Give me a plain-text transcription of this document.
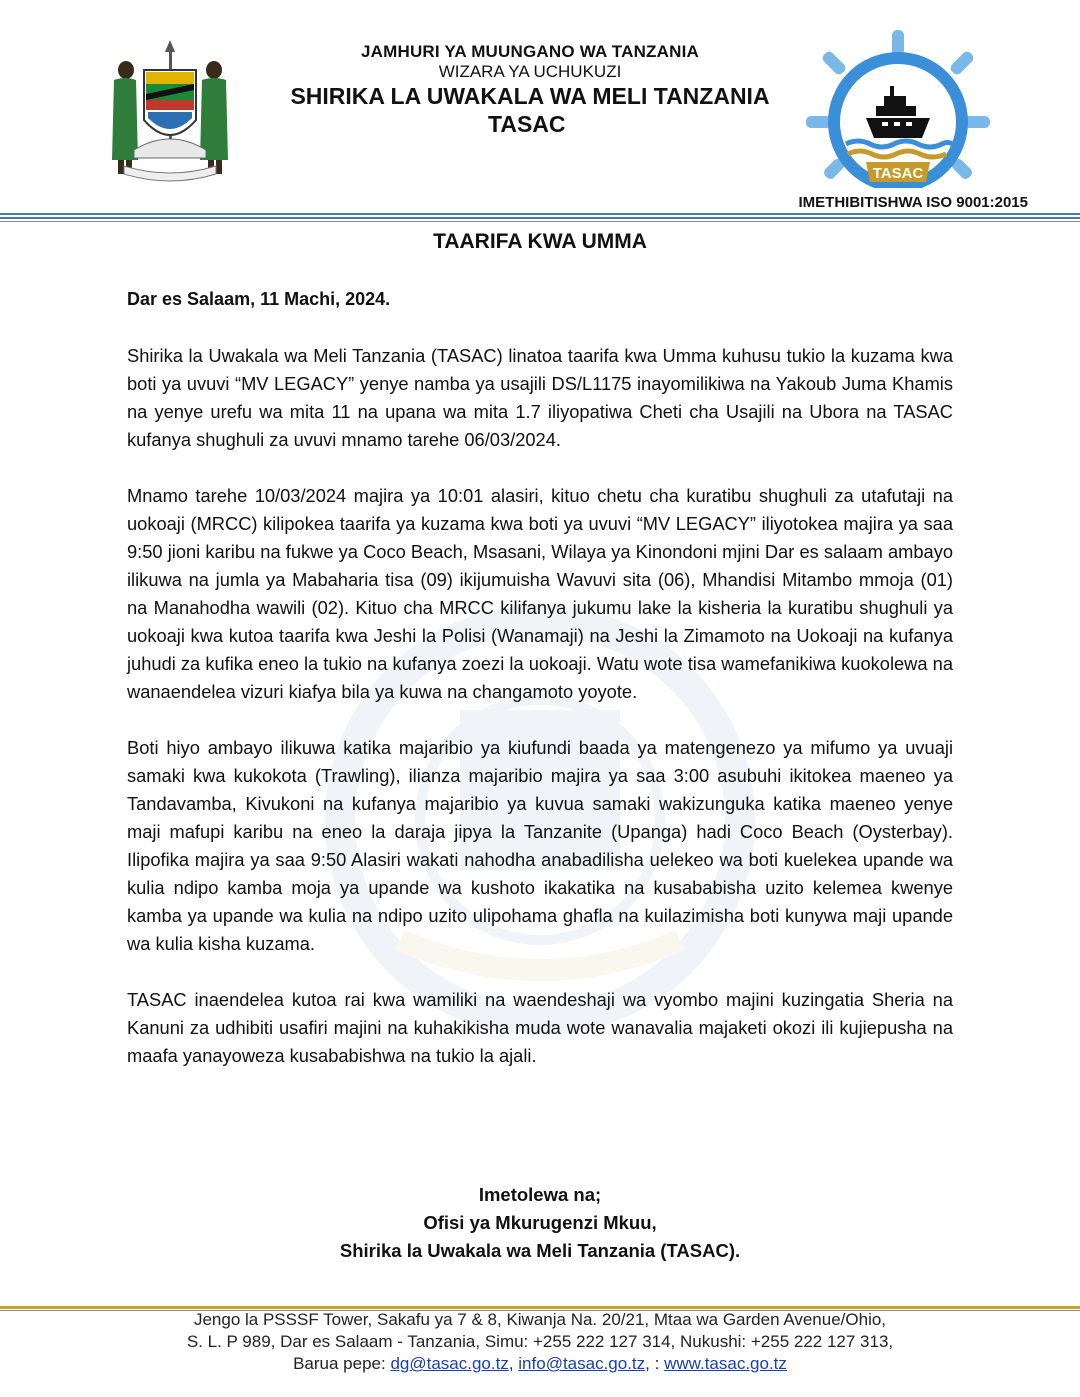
JAMHURI YA MUUNGANO WA TANZANIA
WIZARA YA UCHUKUZI
SHIRIKA LA UWAKALA WA MELI TANZANIA
TASAC
TASAC
IMETHIBITISHWA ISO 9001:2015
TAARIFA KWA UMMA
Dar es Salaam, 11 Machi, 2024.

Shirika la Uwakala wa Meli Tanzania (TASAC) linatoa taarifa kwa Umma kuhusu tukio la kuzama kwa boti ya uvuvi “MV LEGACY” yenye namba ya usajili DS/L1175 inayomilikiwa na Yakoub Juma Khamis na yenye urefu wa mita 11 na upana wa mita 1.7 iliyopatiwa Cheti cha Usajili na Ubora na TASAC kufanya shughuli za uvuvi mnamo tarehe 06/03/2024.

Mnamo tarehe 10/03/2024 majira ya 10:01 alasiri, kituo chetu cha kuratibu shughuli za utafutaji na uokoaji (MRCC) kilipokea taarifa ya kuzama kwa boti ya uvuvi “MV LEGACY” iliyotokea majira ya saa 9:50 jioni karibu na fukwe ya Coco Beach, Msasani, Wilaya ya Kinondoni mjini Dar es salaam ambayo ilikuwa na jumla ya Mabaharia tisa (09) ikijumuisha Wavuvi sita (06), Mhandisi Mitambo mmoja (01) na Manahodha wawili (02). Kituo cha MRCC kilifanya jukumu lake la kisheria la kuratibu shughuli ya uokoaji kwa kutoa taarifa kwa Jeshi la Polisi (Wanamaji) na Jeshi la Zimamoto na Uokoaji na kufanya juhudi za kufika eneo la tukio na kufanya zoezi la uokoaji. Watu wote tisa wamefanikiwa kuokolewa na wanaendelea vizuri kiafya bila ya kuwa na changamoto yoyote.

Boti hiyo ambayo ilikuwa katika majaribio ya kiufundi baada ya matengenezo ya mifumo ya uvuaji samaki kwa kukokota (Trawling), ilianza majaribio majira ya saa 3:00 asubuhi ikitokea maeneo ya Tandavamba, Kivukoni na kufanya majaribio ya kuvua samaki wakizunguka katika maeneo yenye maji mafupi karibu na eneo la daraja jipya la Tanzanite (Upanga) hadi Coco Beach (Oysterbay). Ilipofika majira ya saa 9:50 Alasiri wakati nahodha anabadilisha uelekeo wa boti kuelekea upande wa kulia ndipo kamba moja ya upande wa kushoto ikakatika na kusababisha uzito kelemea kwenye kamba ya upande wa kulia na ndipo uzito ulipohama ghafla na kuilazimisha boti kunywa maji upande wa kulia kisha kuzama.

TASAC inaendelea kutoa rai kwa wamiliki na waendeshaji wa vyombo majini kuzingatia Sheria na Kanuni za udhibiti usafiri majini na kuhakikisha muda wote wanavalia majaketi okozi ili kujiepusha na maafa yanayoweza kusababishwa na tukio la ajali.

Imetolewa na;
Ofisi ya Mkurugenzi Mkuu,
Shirika la Uwakala wa Meli Tanzania (TASAC).
Jengo la PSSSF Tower, Sakafu ya 7 & 8, Kiwanja Na. 20/21, Mtaa wa Garden Avenue/Ohio,
S. L. P 989, Dar es Salaam - Tanzania, Simu: +255 222 127 314, Nukushi: +255 222 127 313,
Barua pepe: dg@tasac.go.tz, info@tasac.go.tz, : www.tasac.go.tz
